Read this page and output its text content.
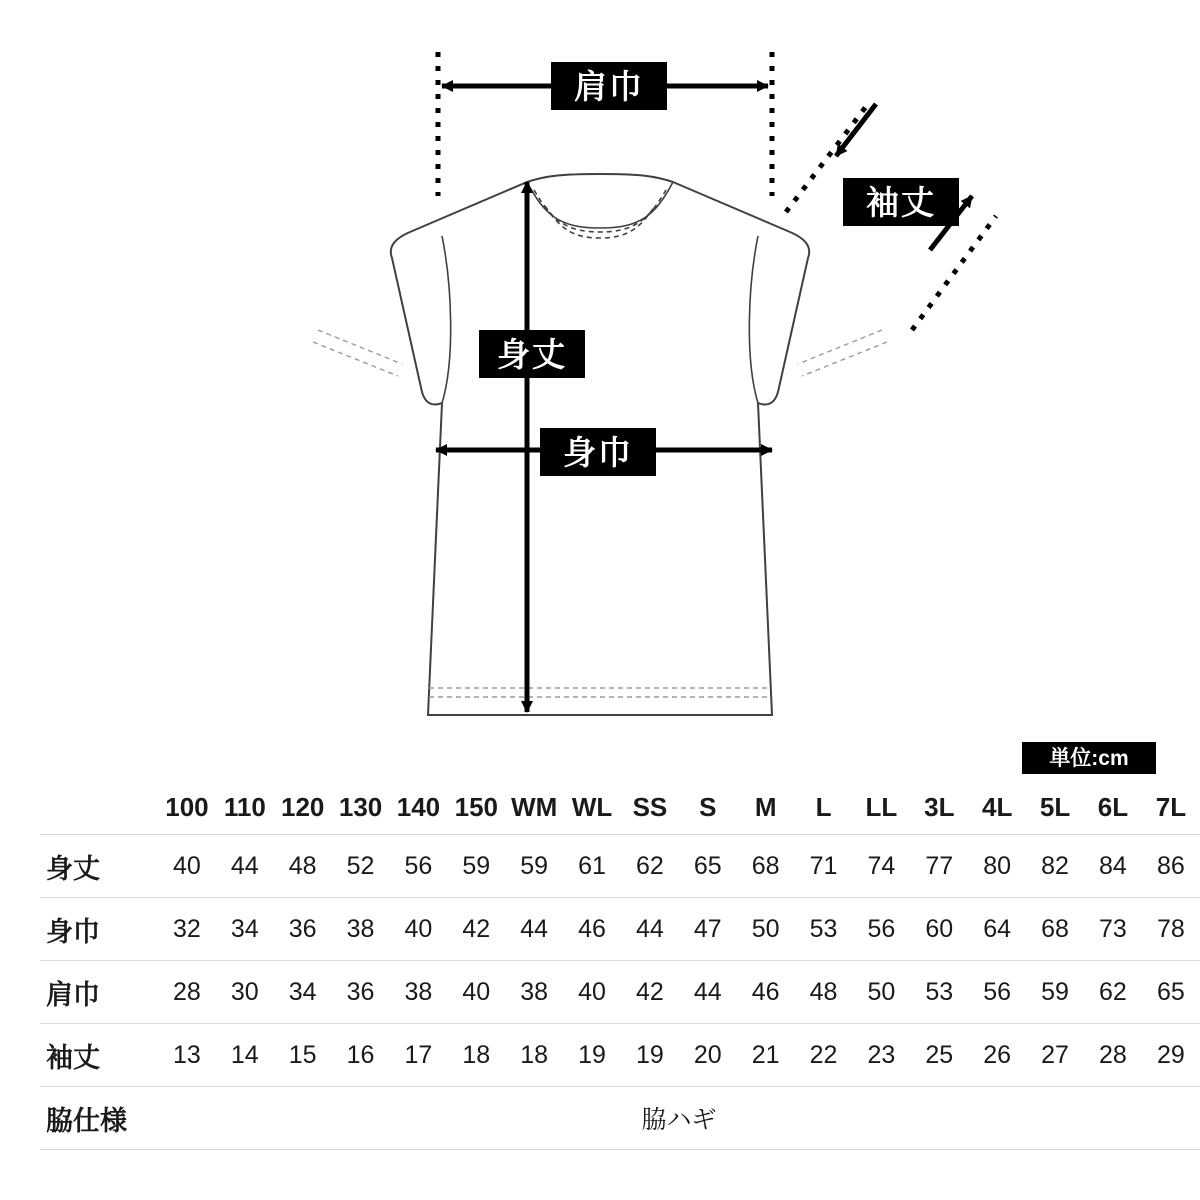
肩巾
袖丈
身丈
身巾
単位:cm
	100	110	120	130	140	150	WM	WL	SS	S	M	L	LL	3L	4L	5L	6L	7L
身丈	40	44	48	52	56	59	59	61	62	65	68	71	74	77	80	82	84	86
身巾	32	34	36	38	40	42	44	46	44	47	50	53	56	60	64	68	73	78
肩巾	28	30	34	36	38	40	38	40	42	44	46	48	50	53	56	59	62	65
袖丈	13	14	15	16	17	18	18	19	19	20	21	22	23	25	26	27	28	29
脇仕様	脇ハギ																	
